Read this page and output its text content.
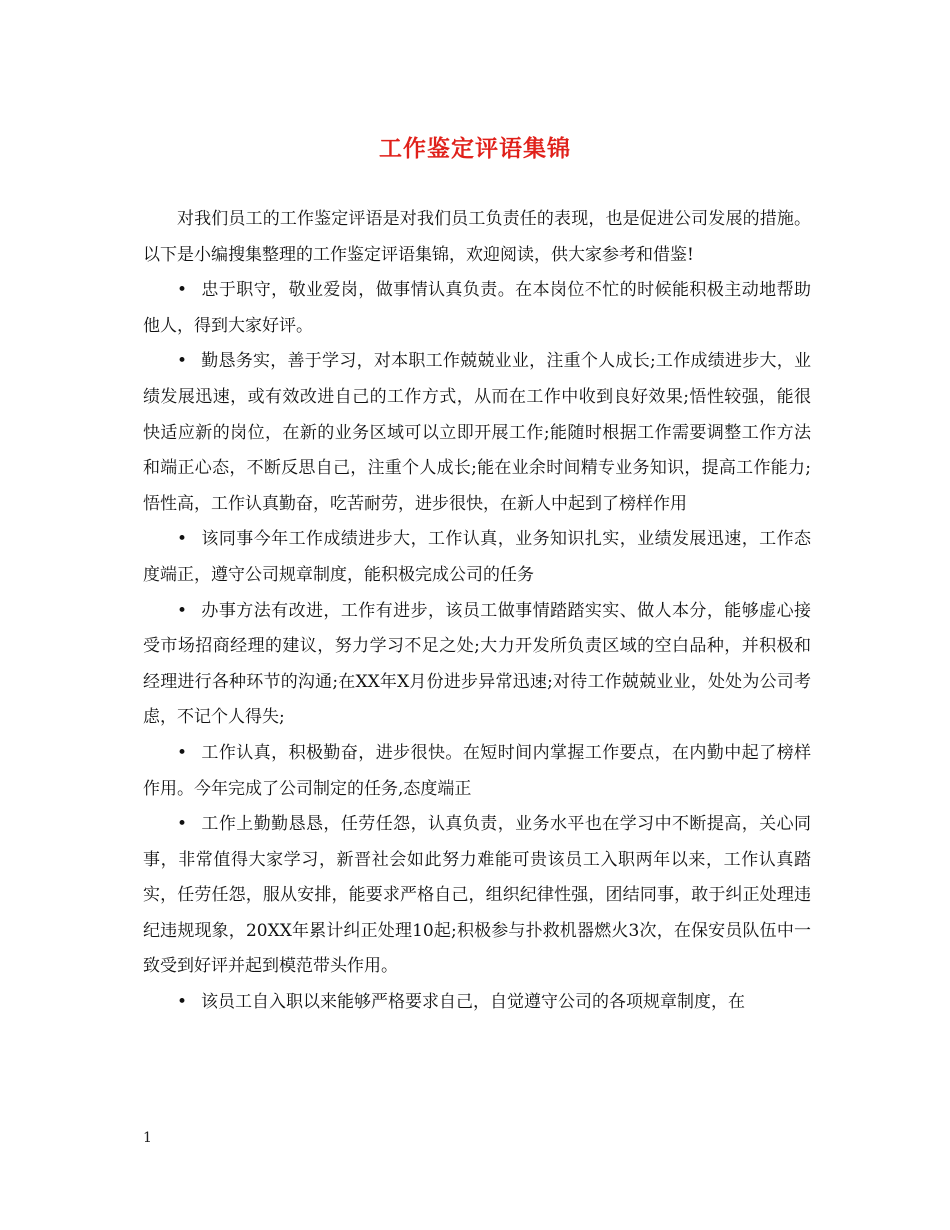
工作鉴定评语集锦

对我们员工的工作鉴定评语是对我们员工负责任的表现，也是促进公司发展的措施。以下是小编搜集整理的工作鉴定评语集锦，欢迎阅读，供大家参考和借鉴!

• 忠于职守，敬业爱岗，做事情认真负责。在本岗位不忙的时候能积极主动地帮助他人，得到大家好评。

• 勤恳务实，善于学习，对本职工作兢兢业业，注重个人成长;工作成绩进步大，业绩发展迅速，或有效改进自己的工作方式，从而在工作中收到良好效果;悟性较强，能很快适应新的岗位，在新的业务区域可以立即开展工作;能随时根据工作需要调整工作方法和端正心态，不断反思自己，注重个人成长;能在业余时间精专业务知识，提高工作能力;悟性高，工作认真勤奋，吃苦耐劳，进步很快，在新人中起到了榜样作用

• 该同事今年工作成绩进步大，工作认真，业务知识扎实，业绩发展迅速，工作态度端正，遵守公司规章制度，能积极完成公司的任务

• 办事方法有改进，工作有进步，该员工做事情踏踏实实、做人本分，能够虚心接受市场招商经理的建议，努力学习不足之处;大力开发所负责区域的空白品种，并积极和经理进行各种环节的沟通;在XX年X月份进步异常迅速;对待工作兢兢业业，处处为公司考虑，不记个人得失;

• 工作认真，积极勤奋，进步很快。在短时间内掌握工作要点，在内勤中起了榜样作用。今年完成了公司制定的任务,态度端正

• 工作上勤勤恳恳，任劳任怨，认真负责，业务水平也在学习中不断提高，关心同事，非常值得大家学习，新晋社会如此努力难能可贵该员工入职两年以来，工作认真踏实，任劳任怨，服从安排，能要求严格自己，组织纪律性强，团结同事，敢于纠正处理违纪违规现象，20XX年累计纠正处理10起;积极参与扑救机器燃火3次，在保安员队伍中一致受到好评并起到模范带头作用。

• 该员工自入职以来能够严格要求自己，自觉遵守公司的各项规章制度，在

1
